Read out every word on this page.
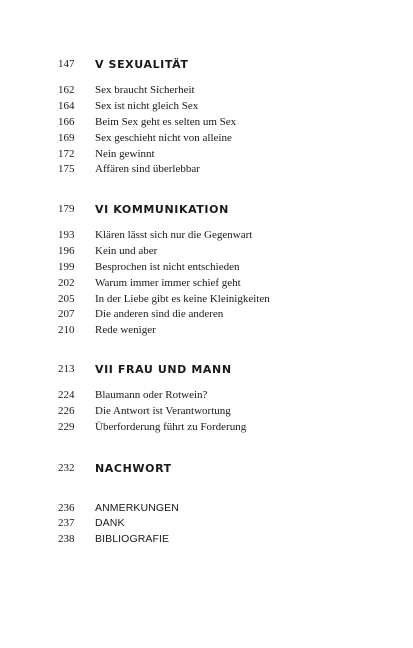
147 V SEXUALITÄT
162 Sex braucht Sicherheit
164 Sex ist nicht gleich Sex
166 Beim Sex geht es selten um Sex
169 Sex geschieht nicht von alleine
172 Nein gewinnt
175 Affären sind überlebbar
179 VI KOMMUNIKATION
193 Klären lässt sich nur die Gegenwart
196 Kein und aber
199 Besprochen ist nicht entschieden
202 Warum immer immer schief geht
205 In der Liebe gibt es keine Kleinigkeiten
207 Die anderen sind die anderen
210 Rede weniger
213 VII FRAU UND MANN
224 Blaumann oder Rotwein?
226 Die Antwort ist Verantwortung
229 Überforderung führt zu Forderung
232 NACHWORT
236 ANMERKUNGEN
237 DANK
238 BIBLIOGRAFIE
